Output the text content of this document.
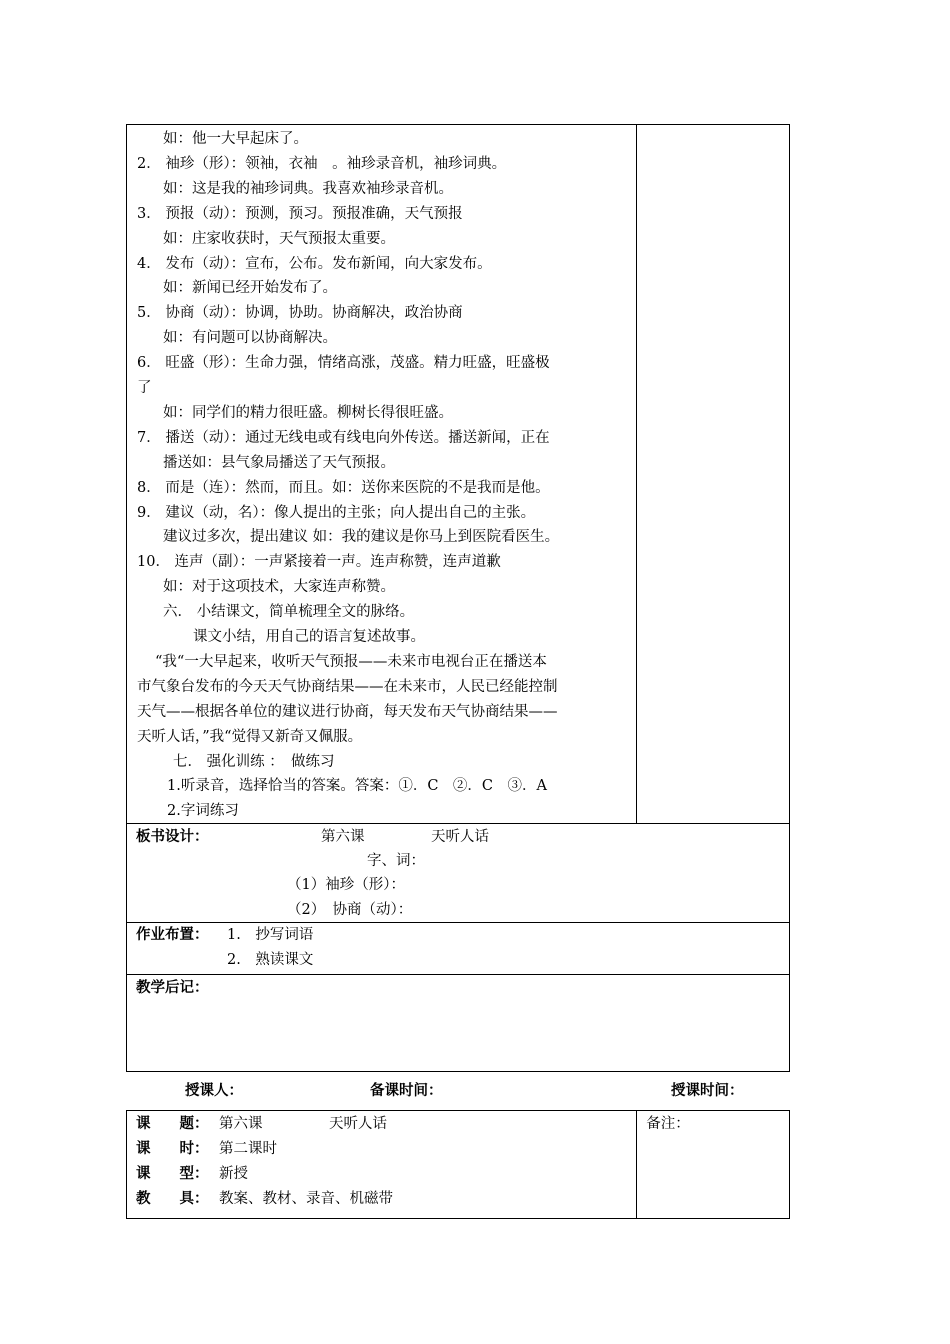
如：他一大早起床了。
2． 袖珍（形）：领袖，衣袖　。袖珍录音机，袖珍词典。
如：这是我的袖珍词典。我喜欢袖珍录音机。
3． 预报（动）：预测，预习。预报准确，天气预报
如：庄家收获时，天气预报太重要。
4． 发布（动）：宣布，公布。发布新闻，向大家发布。
如：新闻已经开始发布了。
5． 协商（动）：协调，协助。协商解决，政治协商
如：有问题可以协商解决。
6． 旺盛（形）：生命力强，情绪高涨，茂盛。精力旺盛，旺盛极
了
如：同学们的精力很旺盛。柳树长得很旺盛。
7． 播送（动）：通过无线电或有线电向外传送。播送新闻，正在
播送如：县气象局播送了天气预报。
8． 而是（连）：然而，而且。如：送你来医院的不是我而是他。
9． 建议（动，名）：像人提出的主张；向人提出自己的主张。
建议过多次，提出建议 如：我的建议是你马上到医院看医生。
10． 连声（副）：一声紧接着一声。连声称赞，连声道歉
如：对于这项技术，大家连声称赞。
六． 小结课文，简单梳理全文的脉络。
课文小结，用自己的语言复述故事。
“我“一大早起来，收听天气预报——未来市电视台正在播送本
市气象台发布的今天天气协商结果——在未来市，人民已经能控制
天气——根据各单位的建议进行协商，每天发布天气协商结果——
天听人话，”我“觉得又新奇又佩服。
七． 强化训练 ：　做练习
1.听录音，选择恰当的答案。答案：①．C　②．C　③．A
2.字词练习

板书设计：	第六课	天听人话
字、词：
（1）袖珍（形）：
（2）　协商（动）：

作业布置： 1.　抄写词语
2.　熟读课文

教学后记：
授课人：	备课时间：	授课时间：
课　　题： 第六课	天听人话
课　　时： 第二课时
课　　型： 新授
教　　具： 教案、教材、录音、机磁带

备注：
